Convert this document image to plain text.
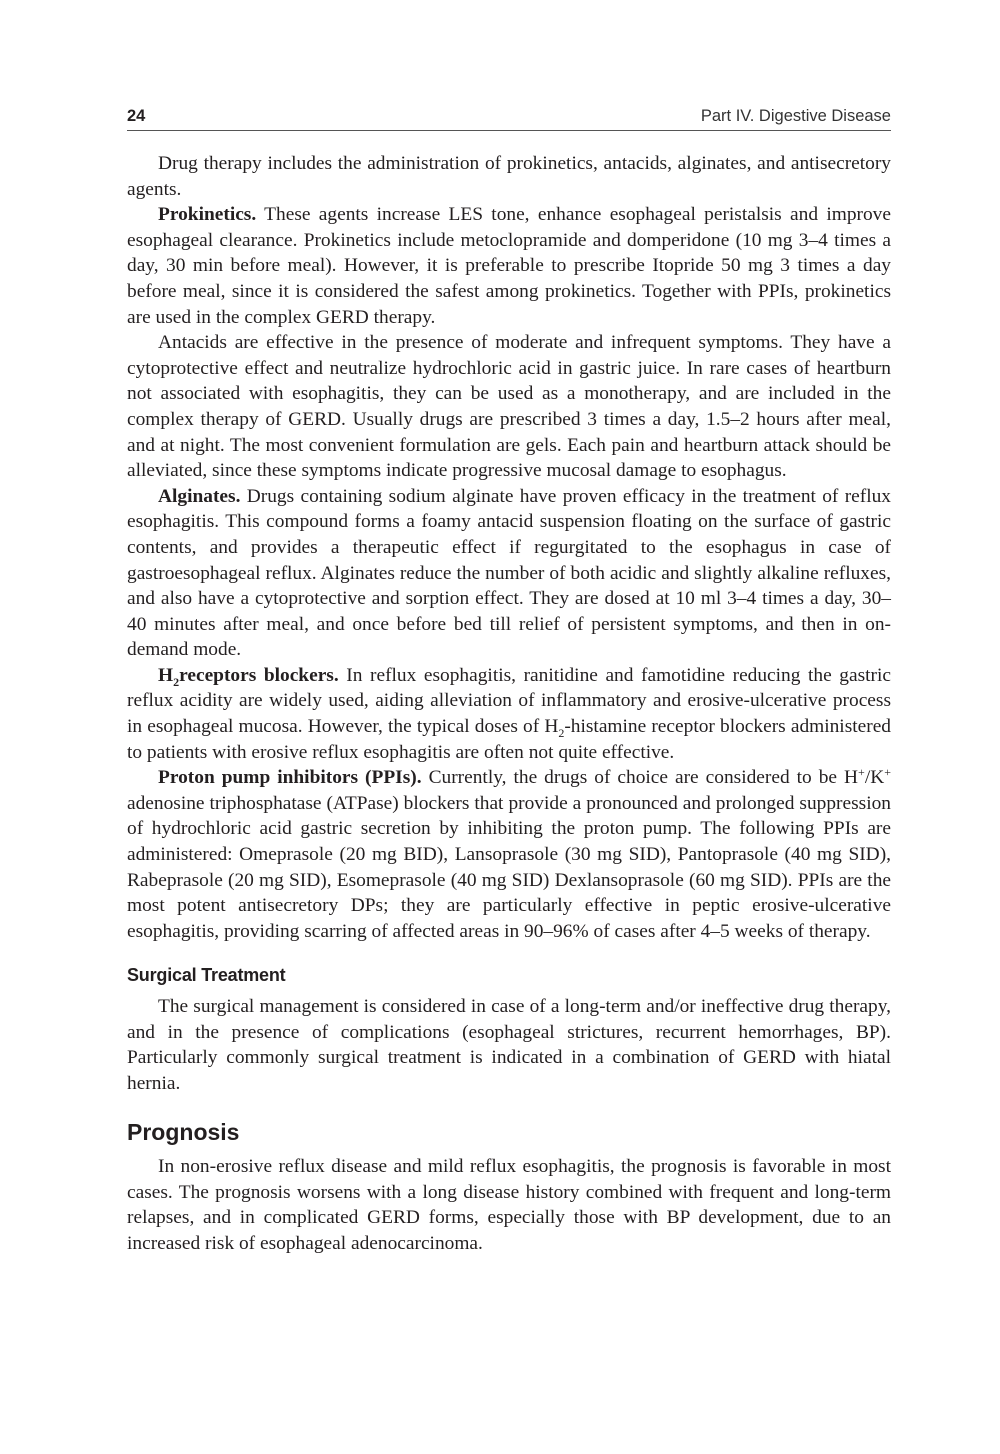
24	Part IV. Digestive Disease

Drug therapy includes the administration of prokinetics, antacids, alginates, and antisecretory agents.

Prokinetics. These agents increase LES tone, enhance esophageal peristalsis and improve esophageal clearance. Prokinetics include metoclopramide and domperidone (10 mg 3–4 times a day, 30 min before meal). However, it is preferable to prescribe Itopride 50 mg 3 times a day before meal, since it is considered the safest among prokinetics. Together with PPIs, prokinetics are used in the complex GERD therapy.

Antacids are effective in the presence of moderate and infrequent symptoms. They have a cytoprotective effect and neutralize hydrochloric acid in gastric juice. In rare cases of heartburn not associated with esophagitis, they can be used as a monotherapy, and are included in the complex therapy of GERD. Usually drugs are prescribed 3 times a day, 1.5–2 hours after meal, and at night. The most convenient formulation are gels. Each pain and heartburn attack should be alleviated, since these symptoms indicate progressive mucosal damage to esophagus.

Alginates. Drugs containing sodium alginate have proven efficacy in the treatment of reflux esophagitis. This compound forms a foamy antacid suspension floating on the surface of gastric contents, and provides a therapeutic effect if regurgitated to the esophagus in case of gastroesophageal reflux. Alginates reduce the number of both acidic and slightly alkaline refluxes, and also have a cytoprotective and sorption effect. They are dosed at 10 ml 3–4 times a day, 30–40 minutes after meal, and once before bed till relief of persistent symptoms, and then in on-demand mode.

$H_2receptors$ blockers. In reflux esophagitis, ranitidine and famotidine reducing the gastric reflux acidity are widely used, aiding alleviation of inflammatory and erosive-ulcerative process in esophageal mucosa. However, the typical doses of $H_2$-histamine receptor blockers administered to patients with erosive reflux esophagitis are often not quite effective.

Proton pump inhibitors (PPIs). Currently, the drugs of choice are considered to be H+/K+ adenosine triphosphatase (ATPase) blockers that provide a pronounced and prolonged suppression of hydrochloric acid gastric secretion by inhibiting the proton pump. The following PPIs are administered: Omeprasole (20 mg BID), Lansoprasole (30 mg SID), Pantoprasole (40 mg SID), Rabeprasole (20 mg SID), Esomeprasole (40 mg SID) Dexlansoprasole (60 mg SID). PPIs are the most potent antisecretory DPs; they are particularly effective in peptic erosive-ulcerative esophagitis, providing scarring of affected areas in 90–96% of cases after 4–5 weeks of therapy.

Surgical Treatment

The surgical management is considered in case of a long-term and/or ineffective drug therapy, and in the presence of complications (esophageal strictures, recurrent hemorrhages, BP). Particularly commonly surgical treatment is indicated in a combination of GERD with hiatal hernia.

Prognosis

In non-erosive reflux disease and mild reflux esophagitis, the prognosis is favorable in most cases. The prognosis worsens with a long disease history combined with frequent and long-term relapses, and in complicated GERD forms, especially those with BP development, due to an increased risk of esophageal adenocarcinoma.
